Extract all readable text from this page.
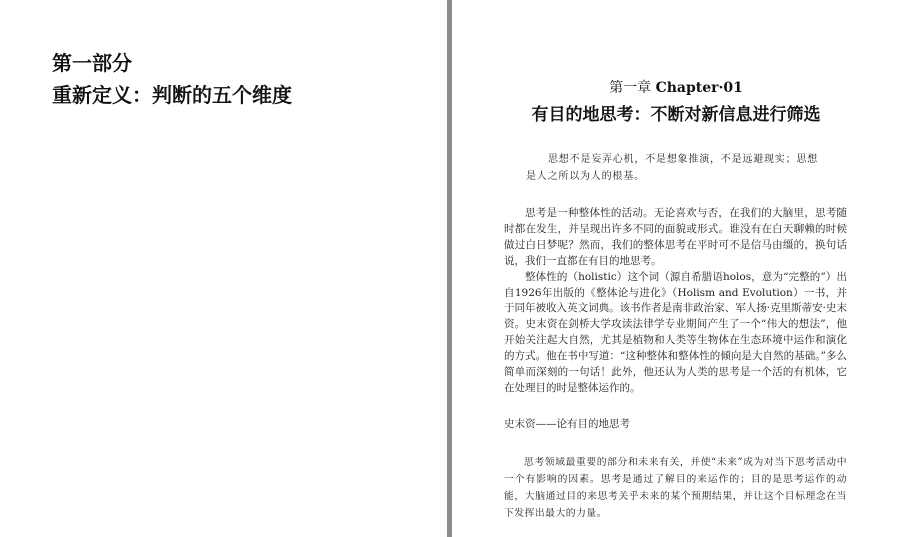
第一部分
重新定义：判断的五个维度	第一章 Chapter·01
有目的地思考：不断对新信息进行筛选

思想不是妄弄心机，不是想象推演，不是远避现实；思想是人之所以为人的根基。

思考是一种整体性的活动。无论喜欢与否，在我们的大脑里，思考随时都在发生，并呈现出许多不同的面貌或形式。谁没有在白天聊赖的时候做过白日梦呢？然而，我们的整体思考在平时可不是信马由缰的，换句话说，我们一直都在有目的地思考。

整体性的（holistic）这个词（源自希腊语holos，意为“完整的”）出自1926年出版的《整体论与进化》（Holism and Evolution）一书，并于同年被收入英文词典。该书作者是南非政治家、军人扬·克里斯蒂安·史末资。史末资在剑桥大学攻读法律学专业期间产生了一个“伟大的想法”，他开始关注起大自然，尤其是植物和人类等生物体在生态环境中运作和演化的方式。他在书中写道：“这种整体和整体性的倾向是大自然的基础。”多么简单而深刻的一句话！此外，他还认为人类的思考是一个活的有机体，它在处理目的时是整体运作的。

史末资——论有目的地思考

思考领域最重要的部分和未来有关，并使“未来”成为对当下思考活动中一个有影响的因素。思考是通过了解目的来运作的；目的是思考运作的动能，大脑通过目的来思考关乎未来的某个预期结果，并让这个目标理念在当下发挥出最大的力量。
